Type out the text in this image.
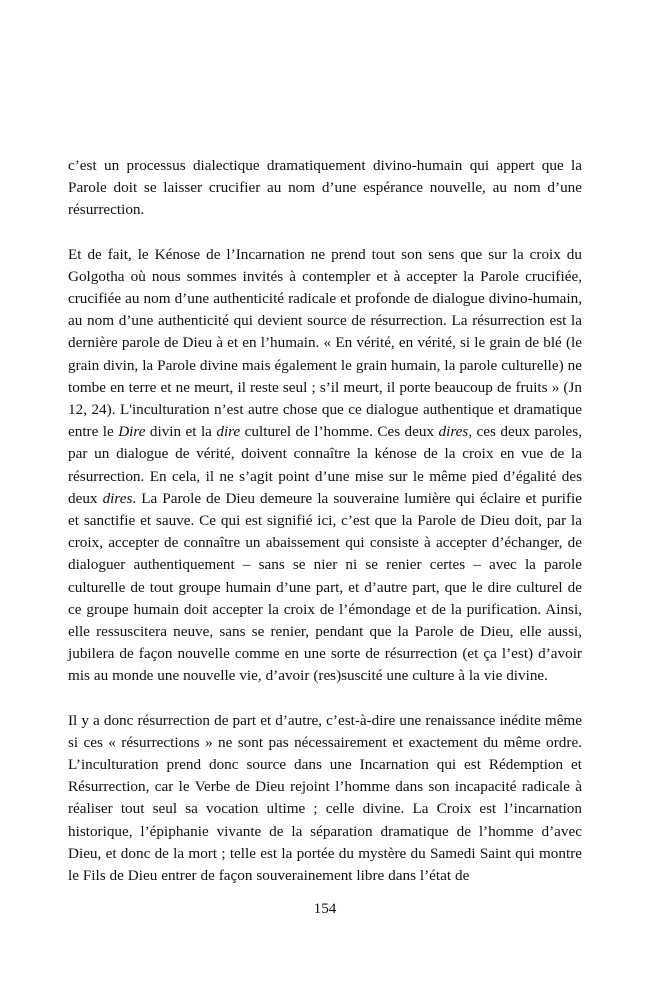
c’est un processus dialectique dramatiquement divino-humain qui appert que la Parole doit se laisser crucifier au nom d’une espérance nouvelle, au nom d’une résurrection.

Et de fait, le Kénose de l’Incarnation ne prend tout son sens que sur la croix du Golgotha où nous sommes invités à contempler et à accepter la Parole crucifiée, crucifiée au nom d’une authenticité radicale et profonde de dialogue divino-humain, au nom d’une authenticité qui devient source de résurrection. La résurrection est la dernière parole de Dieu à et en l’humain. « En vérité, en vérité, si le grain de blé (le grain divin, la Parole divine mais également le grain humain, la parole culturelle) ne tombe en terre et ne meurt, il reste seul ; s’il meurt, il porte beaucoup de fruits » (Jn 12, 24). L'inculturation n’est autre chose que ce dialogue authentique et dramatique entre le Dire divin et la dire culturel de l’homme. Ces deux dires, ces deux paroles, par un dialogue de vérité, doivent connaître la kénose de la croix en vue de la résurrection. En cela, il ne s’agit point d’une mise sur le même pied d’égalité des deux dires. La Parole de Dieu demeure la souveraine lumière qui éclaire et purifie et sanctifie et sauve. Ce qui est signifié ici, c’est que la Parole de Dieu doit, par la croix, accepter de connaître un abaissement qui consiste à accepter d’échanger, de dialoguer authentiquement – sans se nier ni se renier certes – avec la parole culturelle de tout groupe humain d’une part, et d’autre part, que le dire culturel de ce groupe humain doit accepter la croix de l’émondage et de la purification. Ainsi, elle ressuscitera neuve, sans se renier, pendant que la Parole de Dieu, elle aussi, jubilera de façon nouvelle comme en une sorte de résurrection (et ça l’est) d’avoir mis au monde une nouvelle vie, d’avoir (res)suscité une culture à la vie divine.

Il y a donc résurrection de part et d’autre, c’est-à-dire une renaissance inédite même si ces « résurrections » ne sont pas nécessairement et exactement du même ordre. L’inculturation prend donc source dans une Incarnation qui est Rédemption et Résurrection, car le Verbe de Dieu rejoint l’homme dans son incapacité radicale à réaliser tout seul sa vocation ultime ; celle divine. La Croix est l’incarnation historique, l’épiphanie vivante de la séparation dramatique de l’homme d’avec Dieu, et donc de la mort ; telle est la portée du mystère du Samedi Saint qui montre le Fils de Dieu entrer de façon souverainement libre dans l’état de

154
